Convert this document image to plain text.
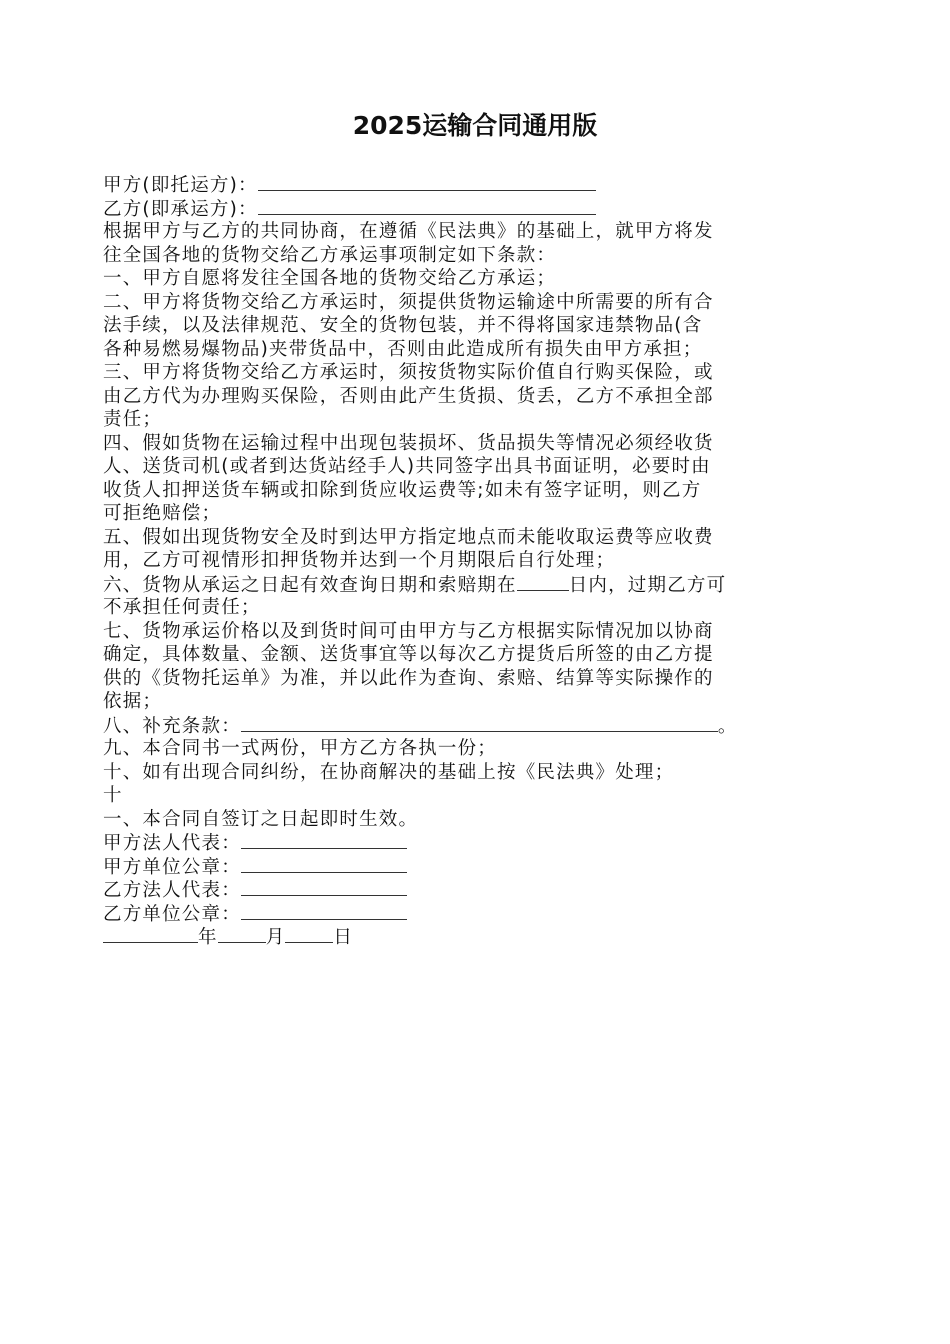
2025运输合同通用版
甲方(即托运方)：
乙方(即承运方)：
根据甲方与乙方的共同协商，在遵循《民法典》的基础上，就甲方将发
往全国各地的货物交给乙方承运事项制定如下条款：
一、甲方自愿将发往全国各地的货物交给乙方承运；
二、甲方将货物交给乙方承运时，须提供货物运输途中所需要的所有合
法手续，以及法律规范、安全的货物包装，并不得将国家违禁物品(含
各种易燃易爆物品)夹带货品中，否则由此造成所有损失由甲方承担；
三、甲方将货物交给乙方承运时，须按货物实际价值自行购买保险，或
由乙方代为办理购买保险，否则由此产生货损、货丢，乙方不承担全部
责任；
四、假如货物在运输过程中出现包装损坏、货品损失等情况必须经收货
人、送货司机(或者到达货站经手人)共同签字出具书面证明，必要时由
收货人扣押送货车辆或扣除到货应收运费等;如未有签字证明，则乙方
可拒绝赔偿；
五、假如出现货物安全及时到达甲方指定地点而未能收取运费等应收费
用，乙方可视情形扣押货物并达到一个月期限后自行处理；
六、货物从承运之日起有效查询日期和索赔期在	日内，过期乙方可
不承担任何责任；
七、货物承运价格以及到货时间可由甲方与乙方根据实际情况加以协商
确定，具体数量、金额、送货事宜等以每次乙方提货后所签的由乙方提
供的《货物托运单》为准，并以此作为查询、索赔、结算等实际操作的
依据；
八、补充条款：	。
九、本合同书一式两份，甲方乙方各执一份；
十、如有出现合同纠纷，在协商解决的基础上按《民法典》处理；
十
一、本合同自签订之日起即时生效。
甲方法人代表：
甲方单位公章：
乙方法人代表：
乙方单位公章：
年	月	日
